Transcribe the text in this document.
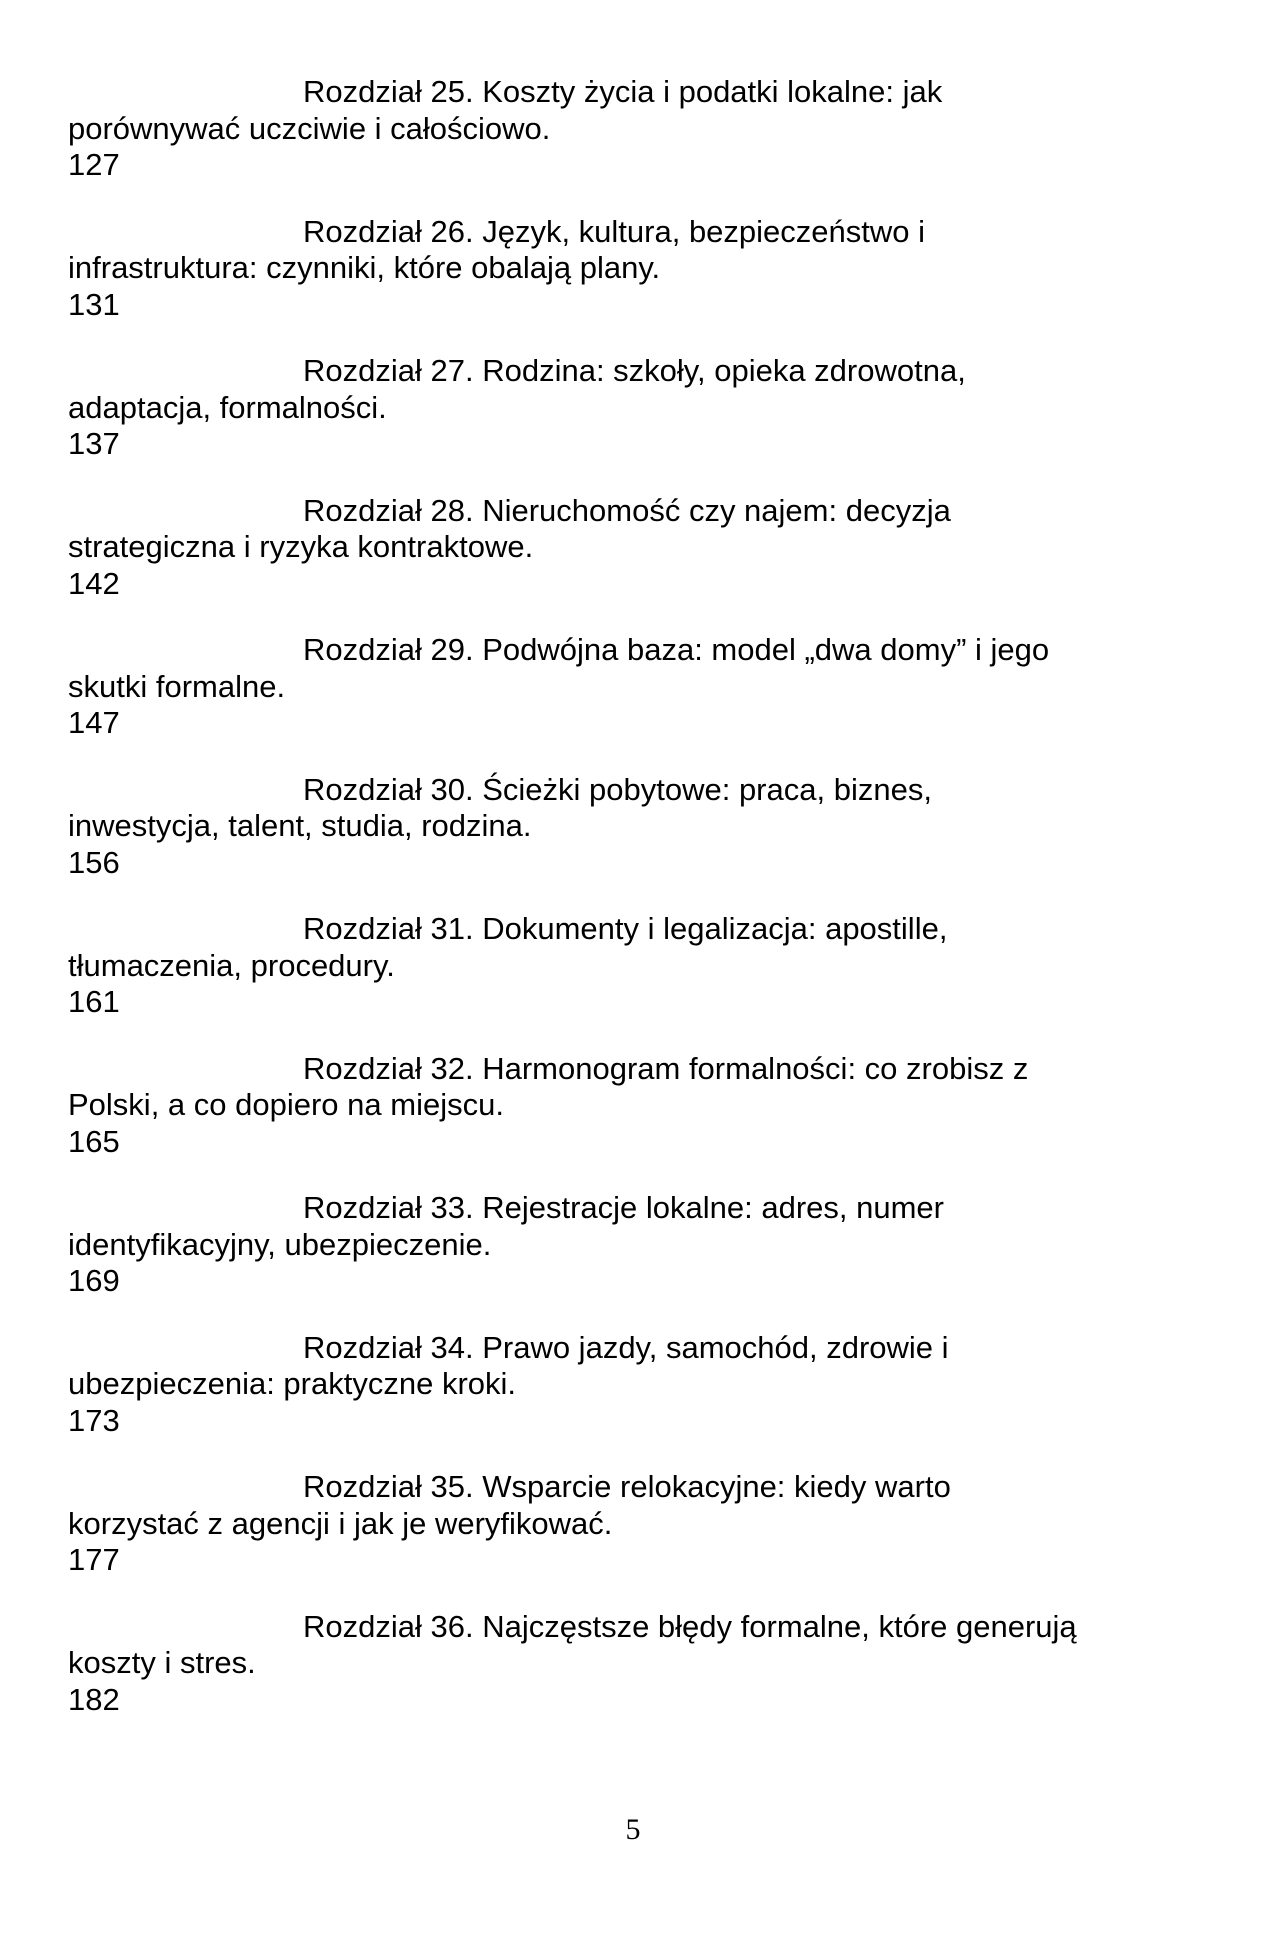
Rozdział 25. Koszty życia i podatki lokalne: jak
porównywać uczciwie i całościowo.
127
Rozdział 26. Język, kultura, bezpieczeństwo i
infrastruktura: czynniki, które obalają plany.
131
Rozdział 27. Rodzina: szkoły, opieka zdrowotna,
adaptacja, formalności.
137
Rozdział 28. Nieruchomość czy najem: decyzja
strategiczna i ryzyka kontraktowe.
142
Rozdział 29. Podwójna baza: model „dwa domy” i jego
skutki formalne.
147
Rozdział 30. Ścieżki pobytowe: praca, biznes,
inwestycja, talent, studia, rodzina.
156
Rozdział 31. Dokumenty i legalizacja: apostille,
tłumaczenia, procedury.
161
Rozdział 32. Harmonogram formalności: co zrobisz z
Polski, a co dopiero na miejscu.
165
Rozdział 33. Rejestracje lokalne: adres, numer
identyfikacyjny, ubezpieczenie.
169
Rozdział 34. Prawo jazdy, samochód, zdrowie i
ubezpieczenia: praktyczne kroki.
173
Rozdział 35. Wsparcie relokacyjne: kiedy warto
korzystać z agencji i jak je weryfikować.
177
Rozdział 36. Najczęstsze błędy formalne, które generują
koszty i stres.
182
5
